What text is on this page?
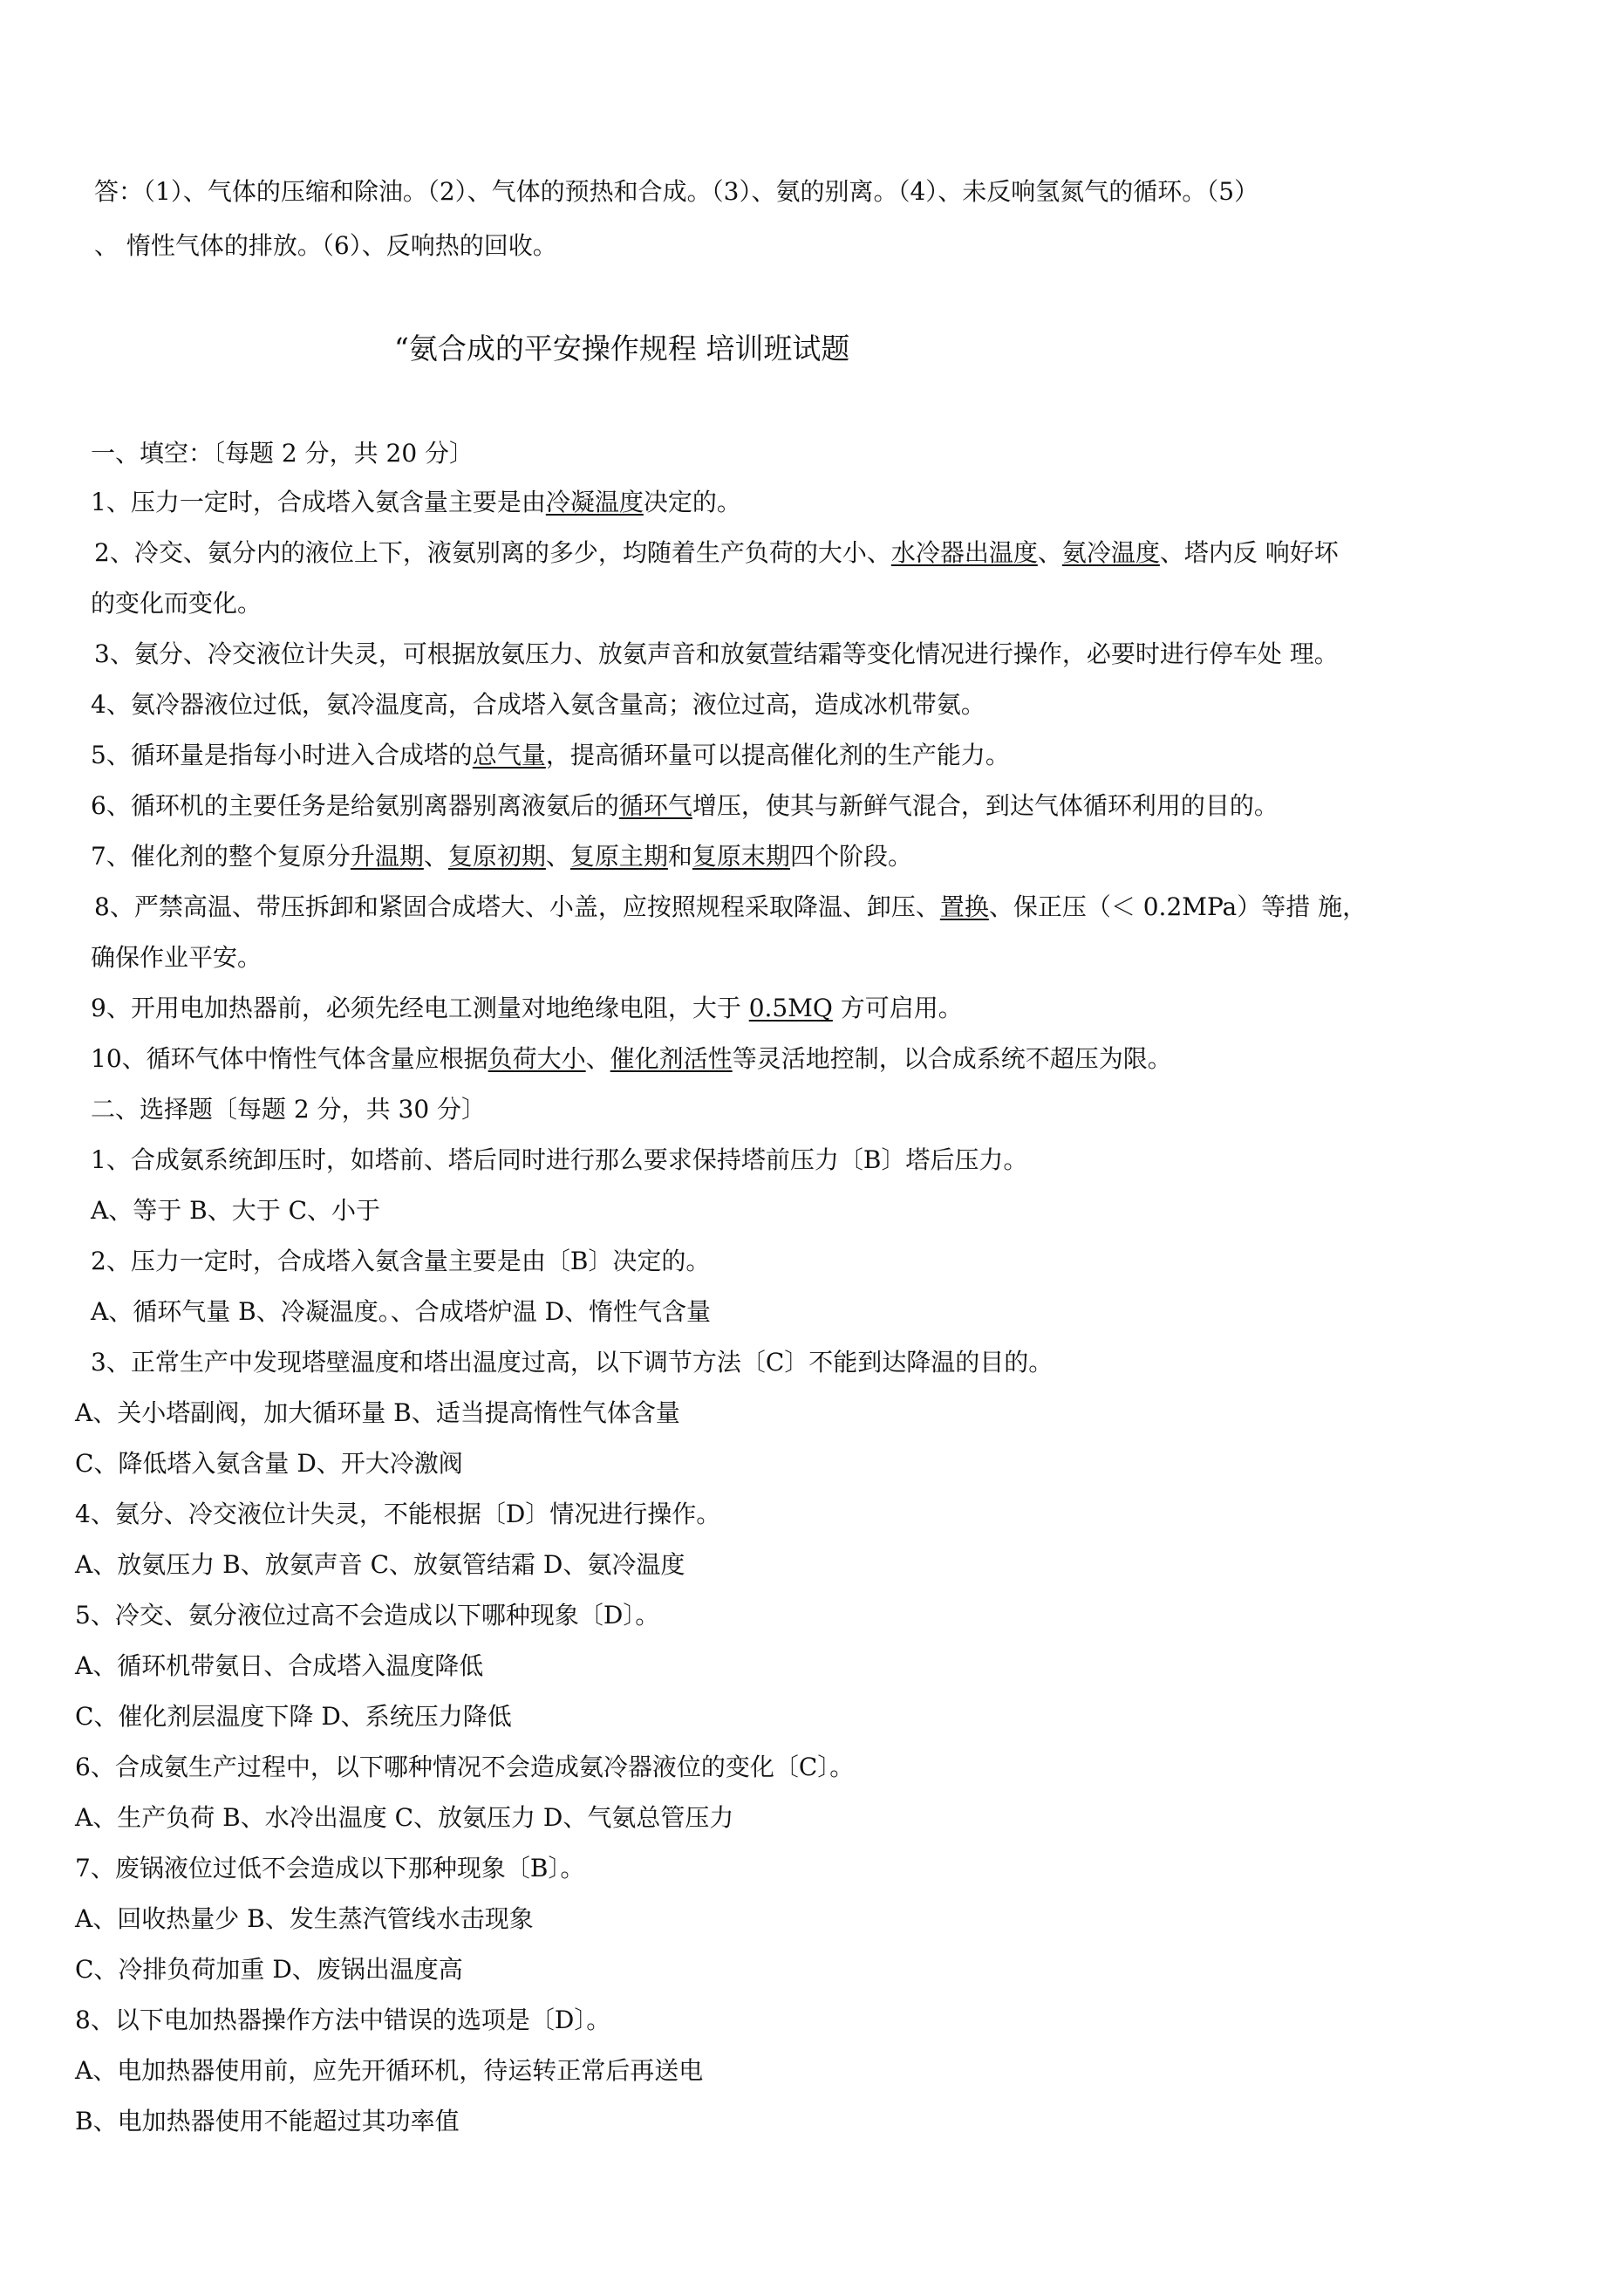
答：（1）、气体的压缩和除油。（2）、气体的预热和合成。（3）、氨的别离。（4）、未反响氢氮气的循环。（5）
、 惰性气体的排放。（6）、反响热的回收。
“氨合成的平安操作规程 培训班试题
一、填空：〔每题 2 分，共 20 分〕
1、压力一定时，合成塔入氨含量主要是由冷凝温度决定的。
2、冷交、氨分内的液位上下，液氨别离的多少，均随着生产负荷的大小、水冷器出温度、氨冷温度、塔内反 响好坏
的变化而变化。
3、氨分、冷交液位计失灵，可根据放氨压力、放氨声音和放氨萱结霜等变化情况进行操作，必要时进行停车处 理。
4、氨冷器液位过低，氨冷温度高，合成塔入氨含量高；液位过高，造成冰机带氨。
5、循环量是指每小时进入合成塔的总气量，提高循环量可以提高催化剂的生产能力。
6、循环机的主要任务是给氨别离器别离液氨后的循环气增压，使其与新鲜气混合，到达气体循环利用的目的。
7、催化剂的整个复原分升温期、复原初期、复原主期和复原末期四个阶段。
8、严禁高温、带压拆卸和紧固合成塔大、小盖，应按照规程采取降温、卸压、置换、保正压（＜ 0.2MPa）等措 施，
确保作业平安。
9、开用电加热器前，必须先经电工测量对地绝缘电阻，大于 0.5MQ 方可启用。
10、循环气体中惰性气体含量应根据负荷大小、催化剂活性等灵活地控制，以合成系统不超压为限。
二、选择题〔每题 2 分，共 30 分〕
1、合成氨系统卸压时，如塔前、塔后同时进行那么要求保持塔前压力〔B〕塔后压力。
A、等于 B、大于 C、小于
2、压力一定时，合成塔入氨含量主要是由〔B〕决定的。
A、循环气量 B、冷凝温度。、合成塔炉温 D、惰性气含量
3、正常生产中发现塔壁温度和塔出温度过高，以下调节方法〔C〕不能到达降温的目的。
A、关小塔副阀，加大循环量 B、适当提高惰性气体含量
C、降低塔入氨含量 D、开大冷激阀
4、氨分、冷交液位计失灵，不能根据〔D〕情况进行操作。
A、放氨压力 B、放氨声音 C、放氨管结霜 D、氨冷温度
5、冷交、氨分液位过高不会造成以下哪种现象〔D〕。
A、循环机带氨日、合成塔入温度降低
C、催化剂层温度下降 D、系统压力降低
6、合成氨生产过程中，以下哪种情况不会造成氨冷器液位的变化〔C〕。
A、生产负荷 B、水冷出温度 C、放氨压力 D、气氨总管压力
7、废锅液位过低不会造成以下那种现象〔B〕。
A、回收热量少 B、发生蒸汽管线水击现象
C、冷排负荷加重 D、废锅出温度高
8、以下电加热器操作方法中错误的选项是〔D〕。
A、电加热器使用前，应先开循环机，待运转正常后再送电
B、电加热器使用不能超过其功率值
